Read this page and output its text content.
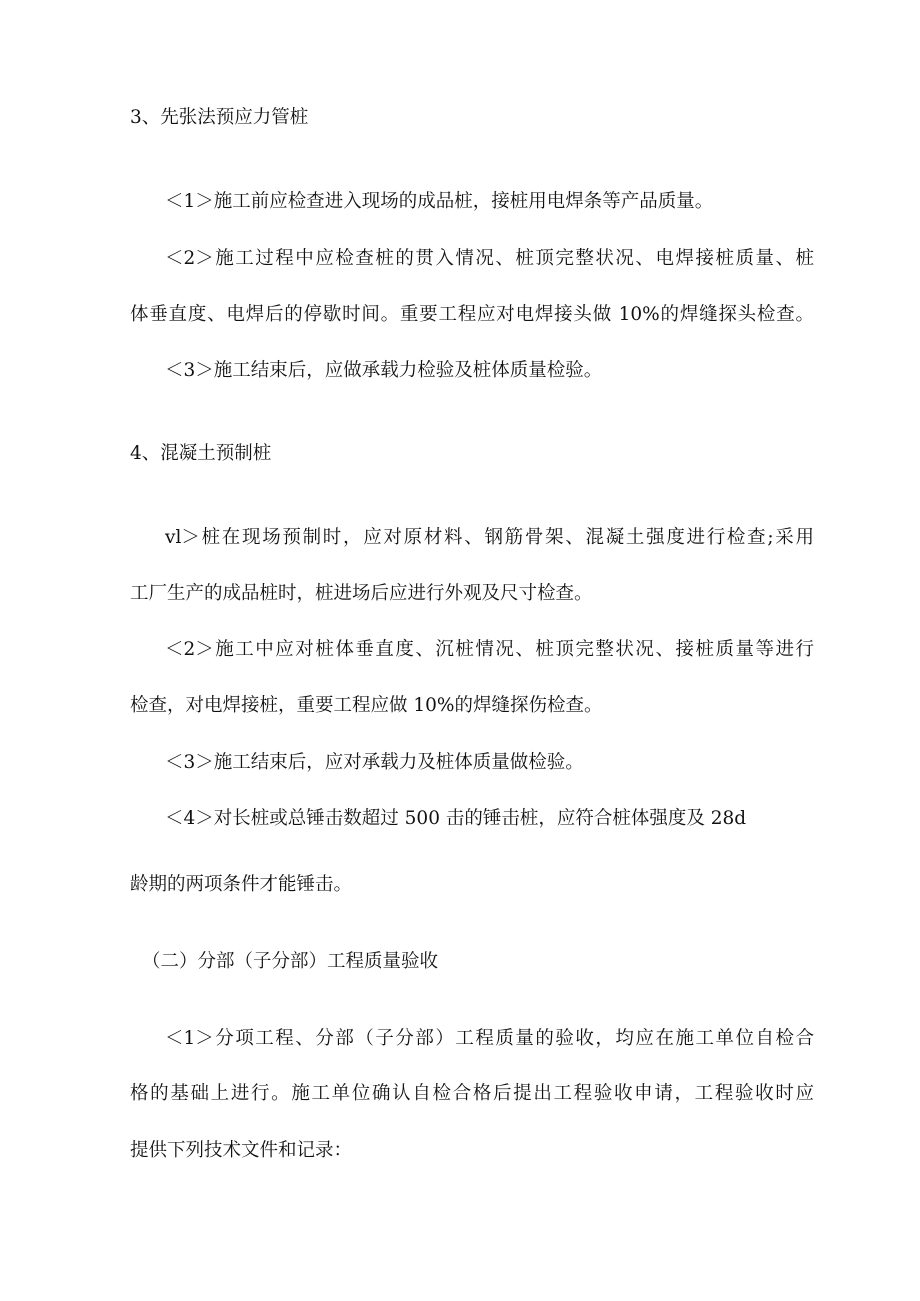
3、先张法预应力管桩

＜1＞施工前应检查进入现场的成品桩，接桩用电焊条等产品质量。

＜2＞施工过程中应检查桩的贯入情况、桩顶完整状况、电焊接桩质量、桩

体垂直度、电焊后的停歇时间。重要工程应对电焊接头做 10%的焊缝探头检查。

＜3＞施工结束后，应做承载力检验及桩体质量检验。

4、混凝土预制桩

vl＞桩在现场预制时，应对原材料、钢筋骨架、混凝土强度进行检查;采用

工厂生产的成品桩时，桩进场后应进行外观及尺寸检查。

＜2＞施工中应对桩体垂直度、沉桩情况、桩顶完整状况、接桩质量等进行

检查，对电焊接桩，重要工程应做 10%的焊缝探伤检查。

＜3＞施工结束后，应对承载力及桩体质量做检验。

＜4＞对长桩或总锤击数超过 500 击的锤击桩，应符合桩体强度及 28d

龄期的两项条件才能锤击。

（二）分部（子分部）工程质量验收

＜1＞分项工程、分部（子分部）工程质量的验收，均应在施工单位自检合

格的基础上进行。施工单位确认自检合格后提出工程验收申请，工程验收时应

提供下列技术文件和记录：
